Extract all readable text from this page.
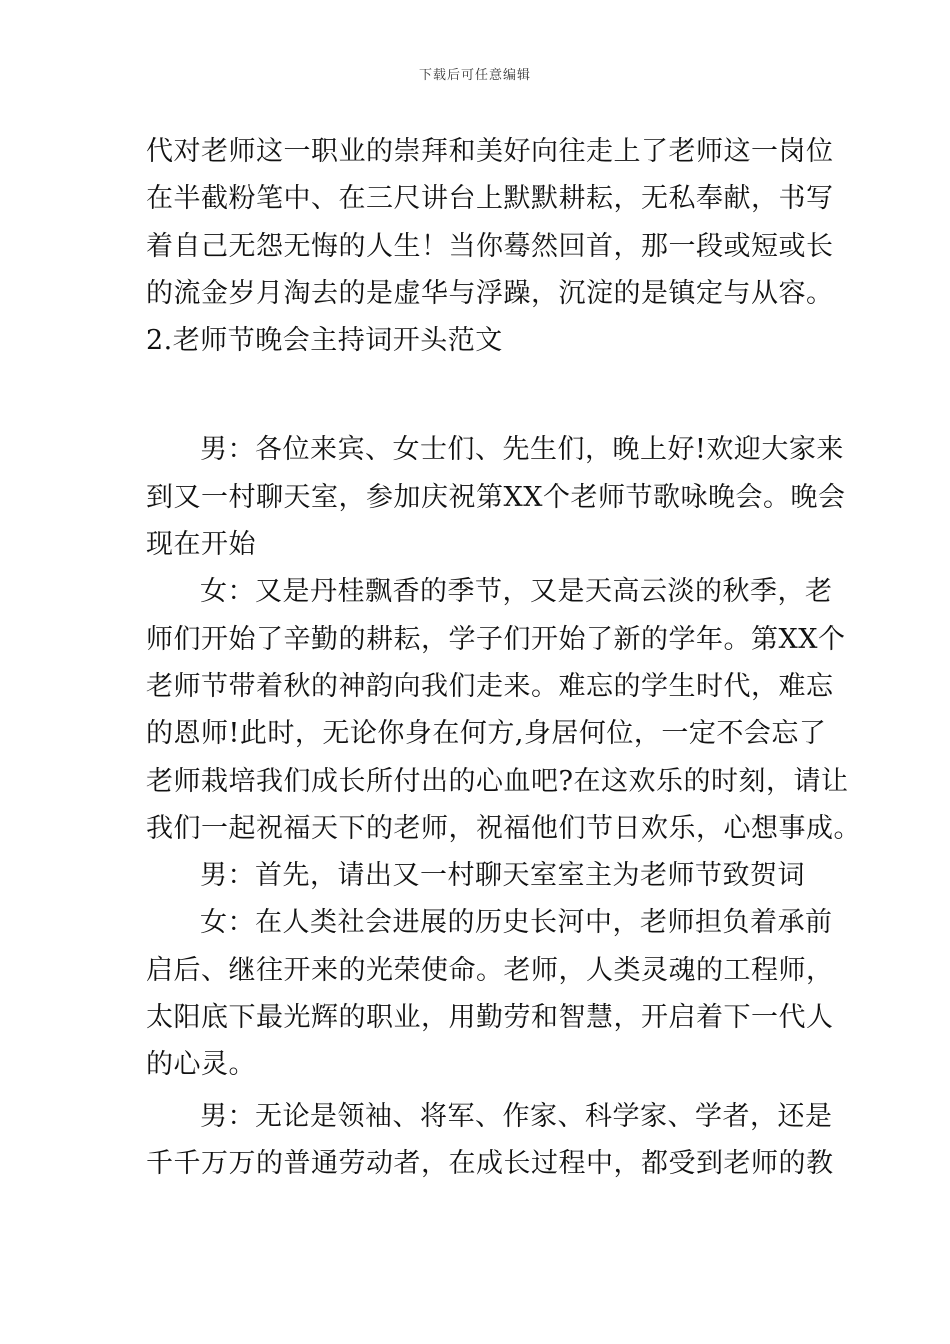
下载后可任意编辑
代对老师这一职业的崇拜和美好向往走上了老师这一岗位
在半截粉笔中、在三尺讲台上默默耕耘，无私奉献，书写
着自己无怨无悔的人生！当你蓦然回首，那一段或短或长
的流金岁月淘去的是虚华与浮躁，沉淀的是镇定与从容。
2.老师节晚会主持词开头范文
男：各位来宾、女士们、先生们，晚上好!欢迎大家来
到又一村聊天室，参加庆祝第XX个老师节歌咏晚会。晚会
现在开始
女：又是丹桂飘香的季节，又是天高云淡的秋季，老
师们开始了辛勤的耕耘，学子们开始了新的学年。第XX个
老师节带着秋的神韵向我们走来。难忘的学生时代，难忘
的恩师!此时，无论你身在何方,身居何位，一定不会忘了
老师栽培我们成长所付出的心血吧?在这欢乐的时刻，请让
我们一起祝福天下的老师，祝福他们节日欢乐，心想事成。
男：首先，请出又一村聊天室室主为老师节致贺词
女：在人类社会进展的历史长河中，老师担负着承前
启后、继往开来的光荣使命。老师，人类灵魂的工程师，
太阳底下最光辉的职业，用勤劳和智慧，开启着下一代人
的心灵。
男：无论是领袖、将军、作家、科学家、学者，还是
千千万万的普通劳动者，在成长过程中，都受到老师的教
